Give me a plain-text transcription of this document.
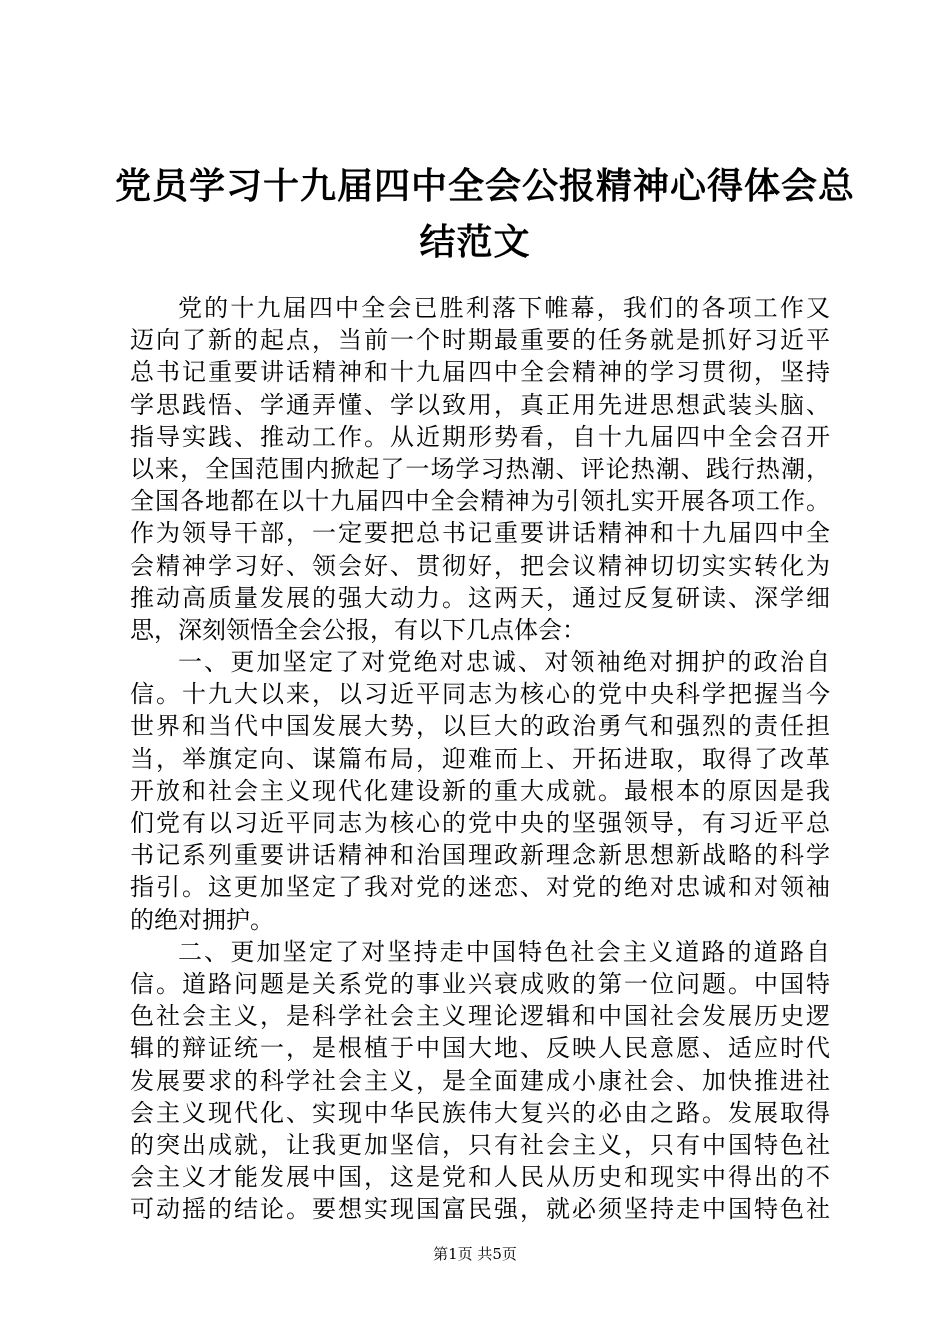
党员学习十九届四中全会公报精神心得体会总
结范文
党的十九届四中全会已胜利落下帷幕，我们的各项工作又
迈向了新的起点，当前一个时期最重要的任务就是抓好习近平
总书记重要讲话精神和十九届四中全会精神的学习贯彻，坚持
学思践悟、学通弄懂、学以致用，真正用先进思想武装头脑、
指导实践、推动工作。从近期形势看，自十九届四中全会召开
以来，全国范围内掀起了一场学习热潮、评论热潮、践行热潮，
全国各地都在以十九届四中全会精神为引领扎实开展各项工作。
作为领导干部，一定要把总书记重要讲话精神和十九届四中全
会精神学习好、领会好、贯彻好，把会议精神切切实实转化为
推动高质量发展的强大动力。这两天，通过反复研读、深学细
思，深刻领悟全会公报，有以下几点体会：
一、更加坚定了对党绝对忠诚、对领袖绝对拥护的政治自
信。十九大以来，以习近平同志为核心的党中央科学把握当今
世界和当代中国发展大势，以巨大的政治勇气和强烈的责任担
当，举旗定向、谋篇布局，迎难而上、开拓进取，取得了改革
开放和社会主义现代化建设新的重大成就。最根本的原因是我
们党有以习近平同志为核心的党中央的坚强领导，有习近平总
书记系列重要讲话精神和治国理政新理念新思想新战略的科学
指引。这更加坚定了我对党的迷恋、对党的绝对忠诚和对领袖
的绝对拥护。
二、更加坚定了对坚持走中国特色社会主义道路的道路自
信。道路问题是关系党的事业兴衰成败的第一位问题。中国特
色社会主义，是科学社会主义理论逻辑和中国社会发展历史逻
辑的辩证统一，是根植于中国大地、反映人民意愿、适应时代
发展要求的科学社会主义，是全面建成小康社会、加快推进社
会主义现代化、实现中华民族伟大复兴的必由之路。发展取得
的突出成就，让我更加坚信，只有社会主义，只有中国特色社
会主义才能发展中国，这是党和人民从历史和现实中得出的不
可动摇的结论。要想实现国富民强，就必须坚持走中国特色社
第1页 共5页
